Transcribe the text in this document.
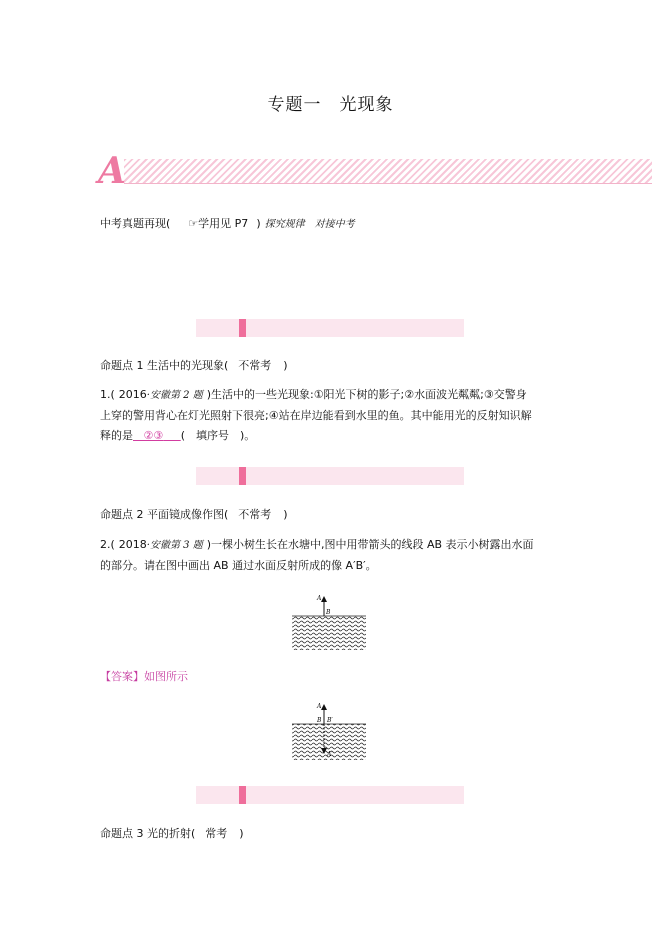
专题一　光现象
A
中考真题再现( ☞学用见 P7 ) 探究规律　对接中考
命题点 1 生活中的光现象( 不常考 )
1.( 2016·安徽第 2 题 )生活中的一些光现象:①阳光下树的影子;②水面波光粼粼;③交警身
上穿的警用背心在灯光照射下很亮;④站在岸边能看到水里的鱼。其中能用光的反射知识解
释的是 ②③ (　填序号　)。
命题点 2 平面镜成像作图( 不常考 )
2.( 2018·安徽第 3 题 )一棵小树生长在水塘中,图中用带箭头的线段 AB 表示小树露出水面
的部分。请在图中画出 AB 通过水面反射所成的像 A′B′。
A
B
【答案】如图所示
A
B B′
A′
命题点 3 光的折射( 常考 )
